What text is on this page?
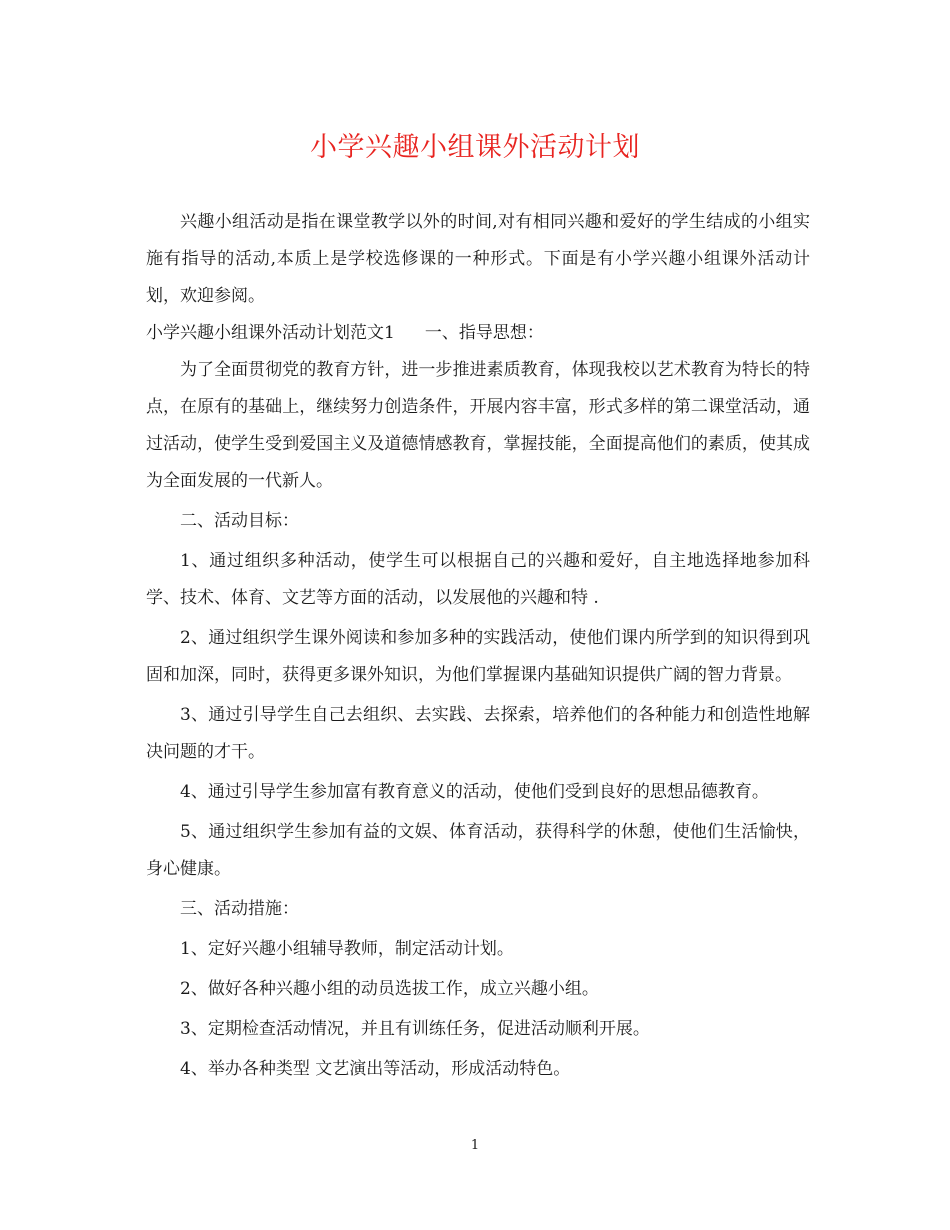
小学兴趣小组课外活动计划

兴趣小组活动是指在课堂教学以外的时间,对有相同兴趣和爱好的学生结成的小组实施有指导的活动,本质上是学校选修课的一种形式。下面是有小学兴趣小组课外活动计划，欢迎参阅。

小学兴趣小组课外活动计划范文1 一、指导思想：

为了全面贯彻党的教育方针，进一步推进素质教育，体现我校以艺术教育为特长的特点，在原有的基础上，继续努力创造条件，开展内容丰富，形式多样的第二课堂活动，通过活动，使学生受到爱国主义及道德情感教育，掌握技能，全面提高他们的素质，使其成为全面发展的一代新人。

二、活动目标：

1、通过组织多种活动，使学生可以根据自己的兴趣和爱好，自主地选择地参加科学、技术、体育、文艺等方面的活动，以发展他的兴趣和特 .

2、通过组织学生课外阅读和参加多种的实践活动，使他们课内所学到的知识得到巩固和加深，同时，获得更多课外知识，为他们掌握课内基础知识提供广阔的智力背景。

3、通过引导学生自己去组织、去实践、去探索，培养他们的各种能力和创造性地解决问题的才干。

4、通过引导学生参加富有教育意义的活动，使他们受到良好的思想品德教育。

5、通过组织学生参加有益的文娱、体育活动，获得科学的休憩，使他们生活愉快，身心健康。

三、活动措施：

1、定好兴趣小组辅导教师，制定活动计划。

2、做好各种兴趣小组的动员选拔工作，成立兴趣小组。

3、定期检查活动情况，并且有训练任务，促进活动顺利开展。

4、举办各种类型 文艺演出等活动，形成活动特色。

1
